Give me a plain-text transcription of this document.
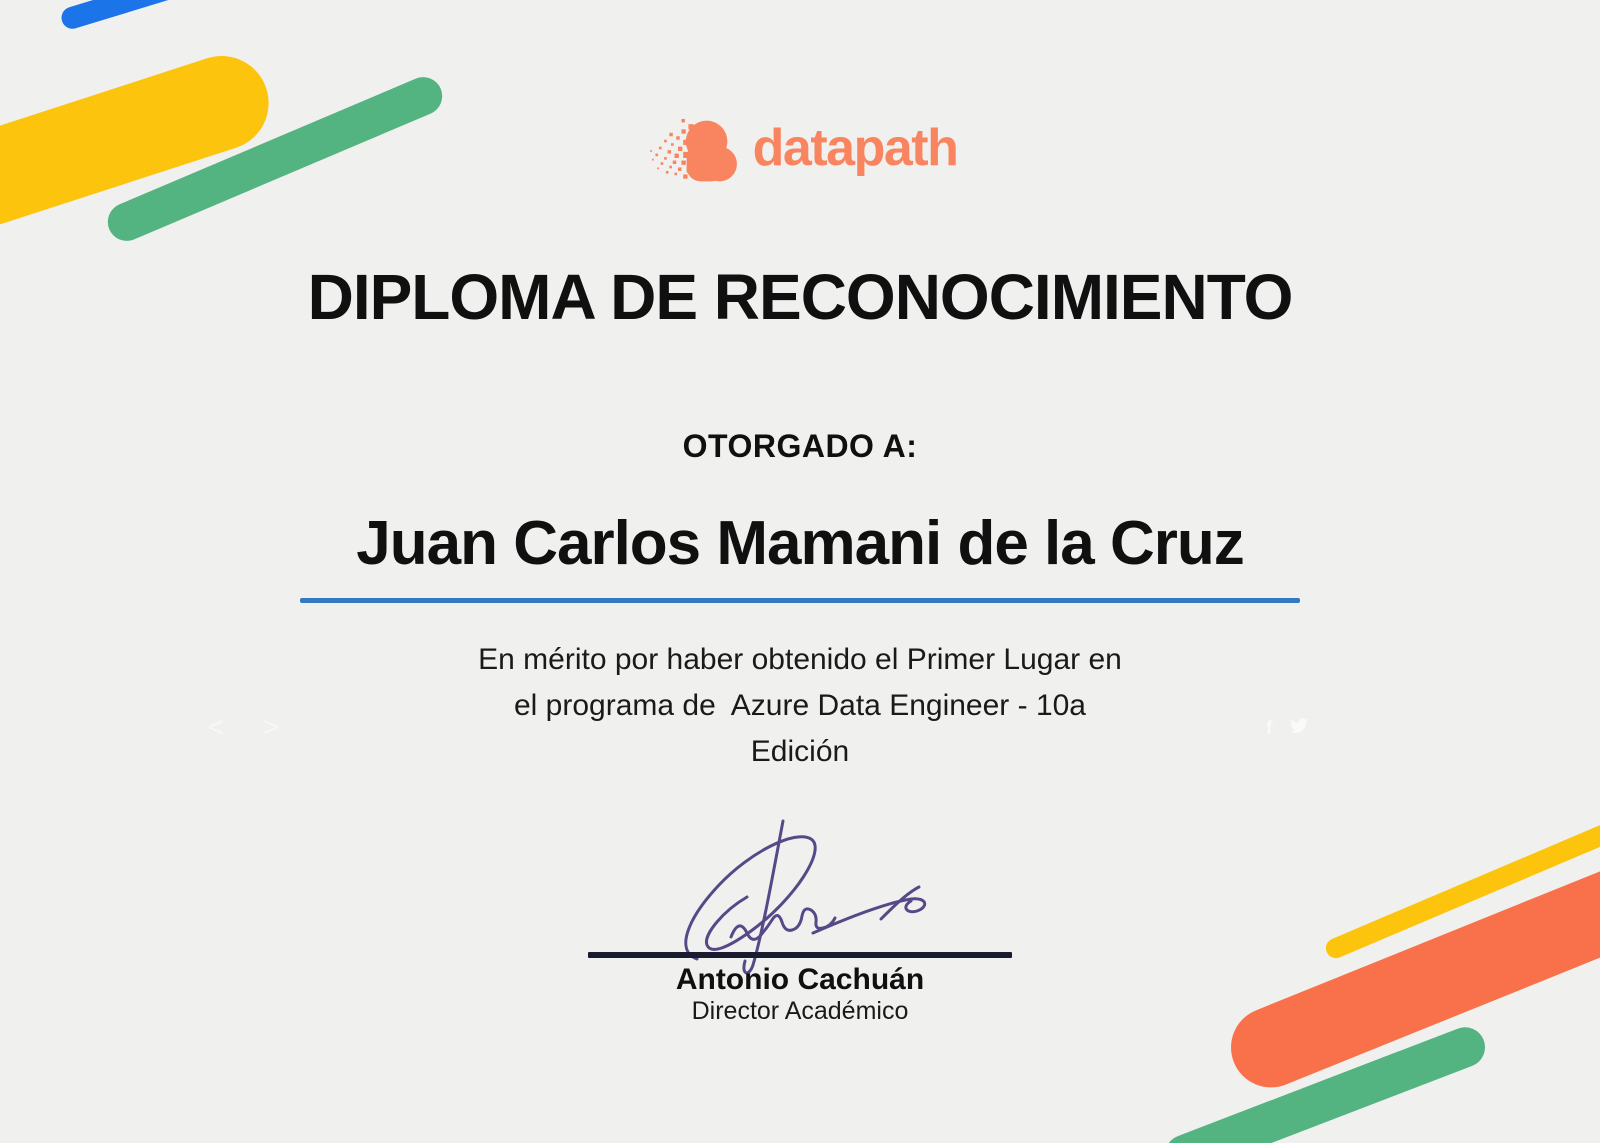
< >	f
datapath
DIPLOMA DE RECONOCIMIENTO
OTORGADO A:
Juan Carlos Mamani de la Cruz
En mérito por haber obtenido el Primer Lugar en
el programa de  Azure Data Engineer - 10a
Edición
Antonio Cachuán
Director Académico
